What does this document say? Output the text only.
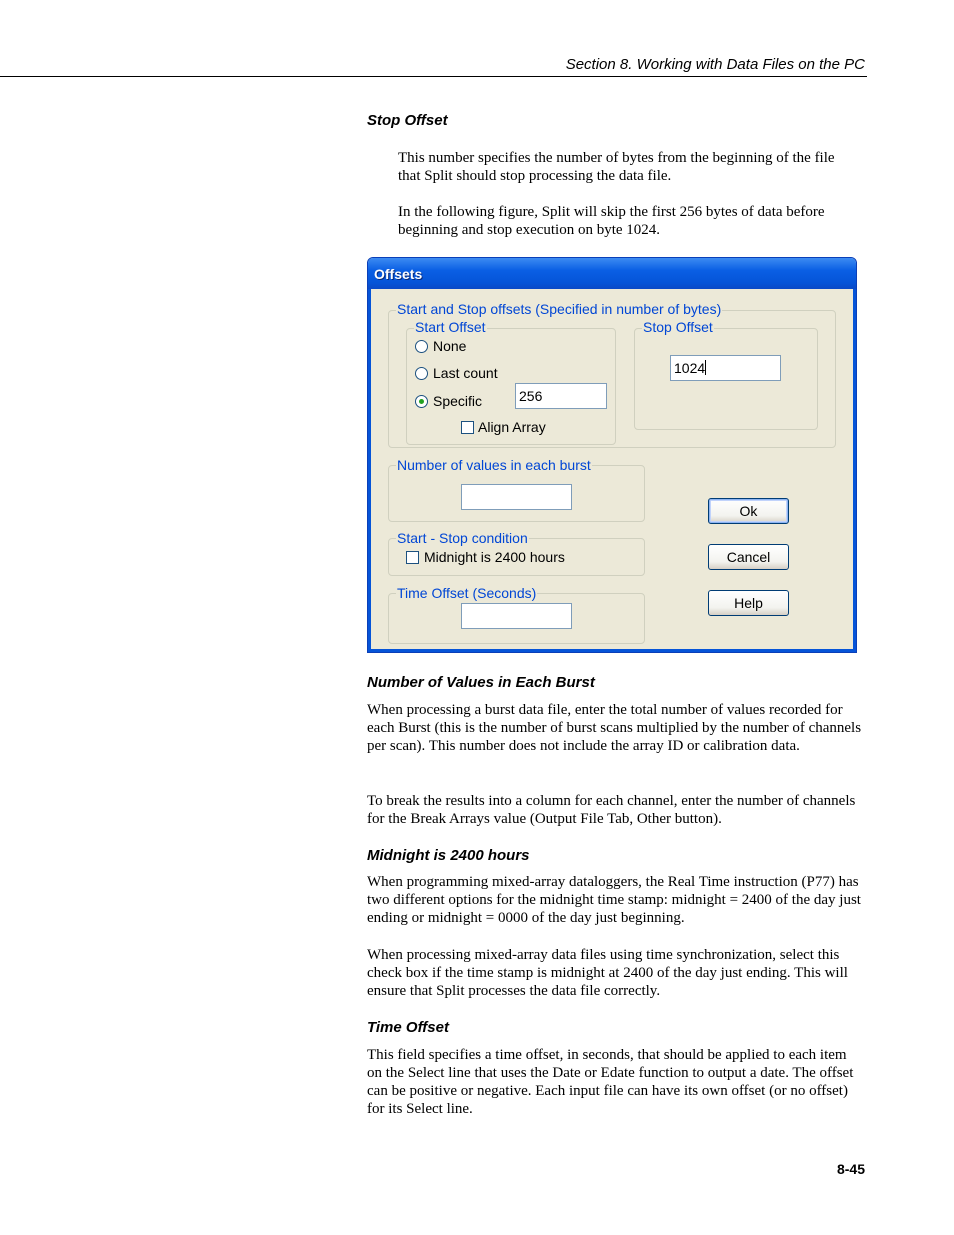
Section 8. Working with Data Files on the PC
Stop Offset
This number specifies the number of bytes from the beginning of the file that Split should stop processing the data file.
In the following figure, Split will skip the first 256 bytes of data before beginning and stop execution on byte 1024.
Offsets
Start and Stop offsets (Specified in number of bytes)
Start Offset
None
Last count
Specific	256
Align Array
Stop Offset
1024
Number of values in each burst
Start - Stop condition
Midnight is 2400 hours
Time Offset (Seconds)
Ok
Cancel
Help
Number of Values in Each Burst
When processing a burst data file, enter the total number of values recorded for each Burst (this is the number of burst scans multiplied by the number of channels per scan). This number does not include the array ID or calibration data.
To break the results into a column for each channel, enter the number of channels for the Break Arrays value (Output File Tab, Other button).
Midnight is 2400 hours
When programming mixed-array dataloggers, the Real Time instruction (P77) has two different options for the midnight time stamp: midnight = 2400 of the day just ending or midnight = 0000 of the day just beginning.
When processing mixed-array data files using time synchronization, select this check box if the time stamp is midnight at 2400 of the day just ending. This will ensure that Split processes the data file correctly.
Time Offset
This field specifies a time offset, in seconds, that should be applied to each item on the Select line that uses the Date or Edate function to output a date. The offset can be positive or negative. Each input file can have its own offset (or no offset) for its Select line.
8-45
